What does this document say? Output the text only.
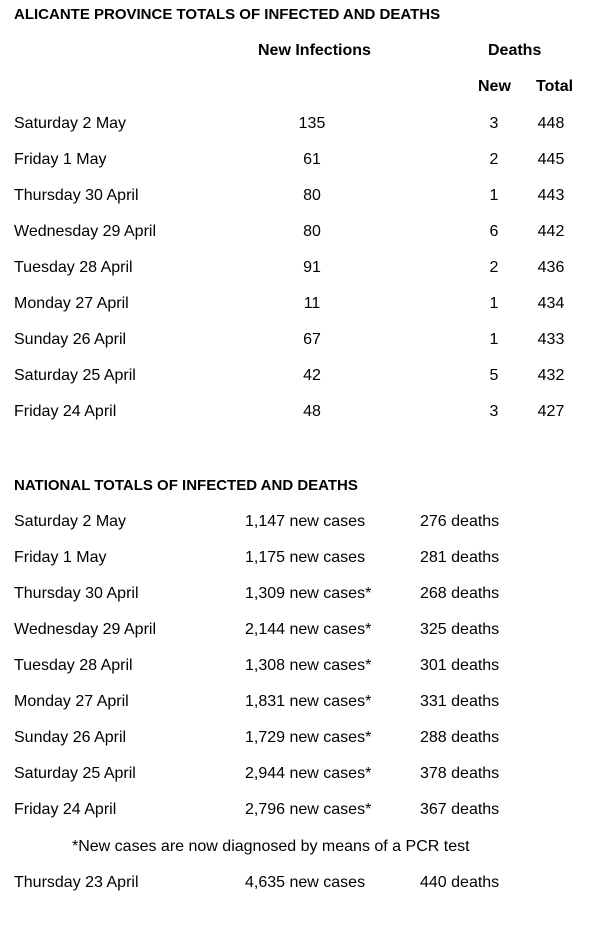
ALICANTE PROVINCE TOTALS OF INFECTED AND DEATHS
New Infections	Deaths
New Total
Saturday 2 May	135	3	448
Friday 1 May	61	2	445
Thursday 30 April	80	1	443
Wednesday 29 April	80	6	442
Tuesday 28 April	91	2	436
Monday 27 April	11	1	434
Sunday 26 April	67	1	433
Saturday 25 April	42	5	432
Friday 24 April	48	3	427
NATIONAL TOTALS OF INFECTED AND DEATHS
Saturday 2 May	1,147 new cases	276 deaths
Friday 1 May	1,175 new cases	281 deaths
Thursday 30 April	1,309 new cases*	268 deaths
Wednesday 29 April	2,144 new cases*	325 deaths
Tuesday 28 April	1,308 new cases*	301 deaths
Monday 27 April	1,831 new cases*	331 deaths
Sunday 26 April	1,729 new cases*	288 deaths
Saturday 25 April	2,944 new cases*	378 deaths
Friday 24 April	2,796 new cases*	367 deaths
*New cases are now diagnosed by means of a PCR test
Thursday 23 April	4,635 new cases	440 deaths
